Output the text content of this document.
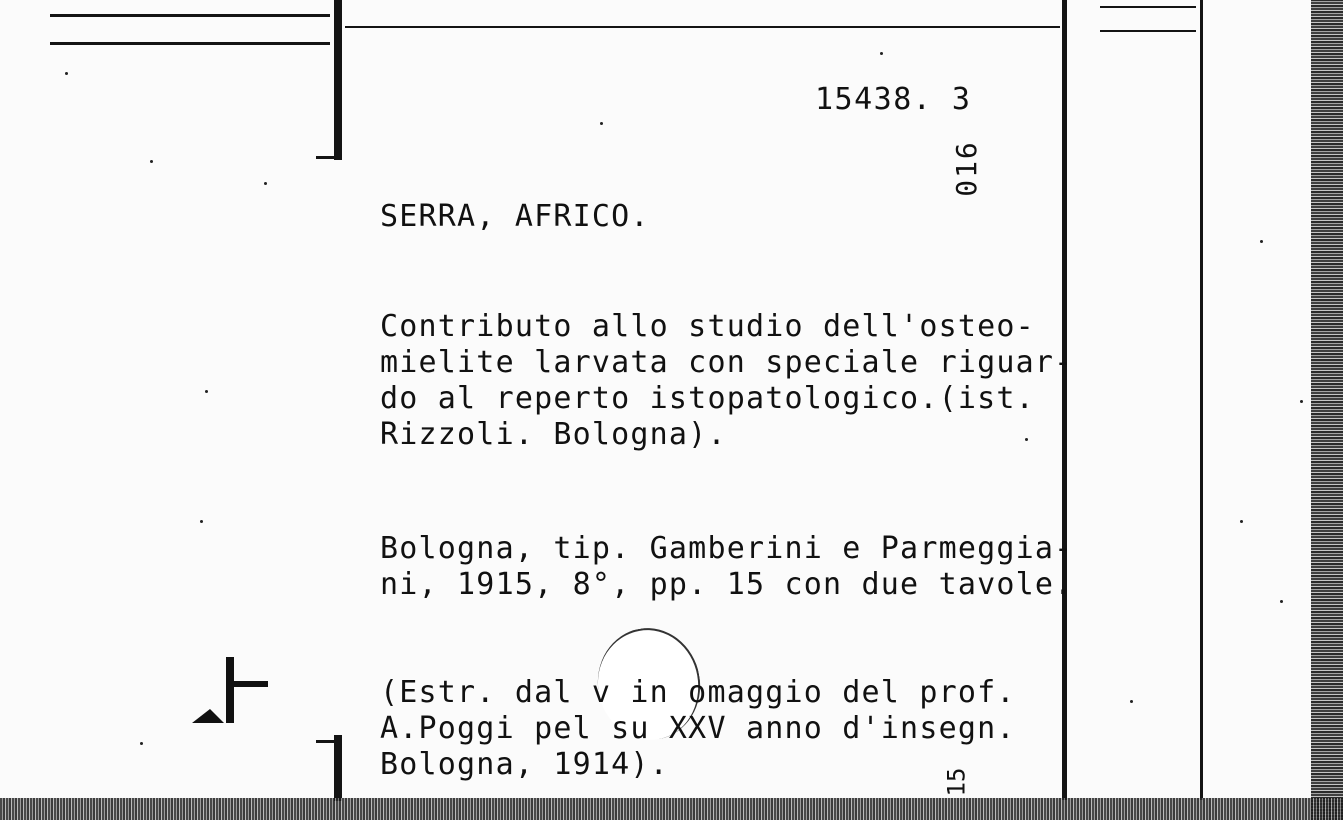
15438. 3
016
SERRA, AFRICO.
Contributo allo studio dell'osteo-
mielite larvata con speciale riguar-
do al reperto istopatologico.(ist.
Rizzoli. Bologna).
Bologna, tip. Gamberini e Parmeggia-
ni, 1915, 8°, pp. 15 con due tavole.
(Estr. dal v in omaggio del prof.
A.Poggi pel su XXV anno d'insegn.
Bologna, 1914).	15
